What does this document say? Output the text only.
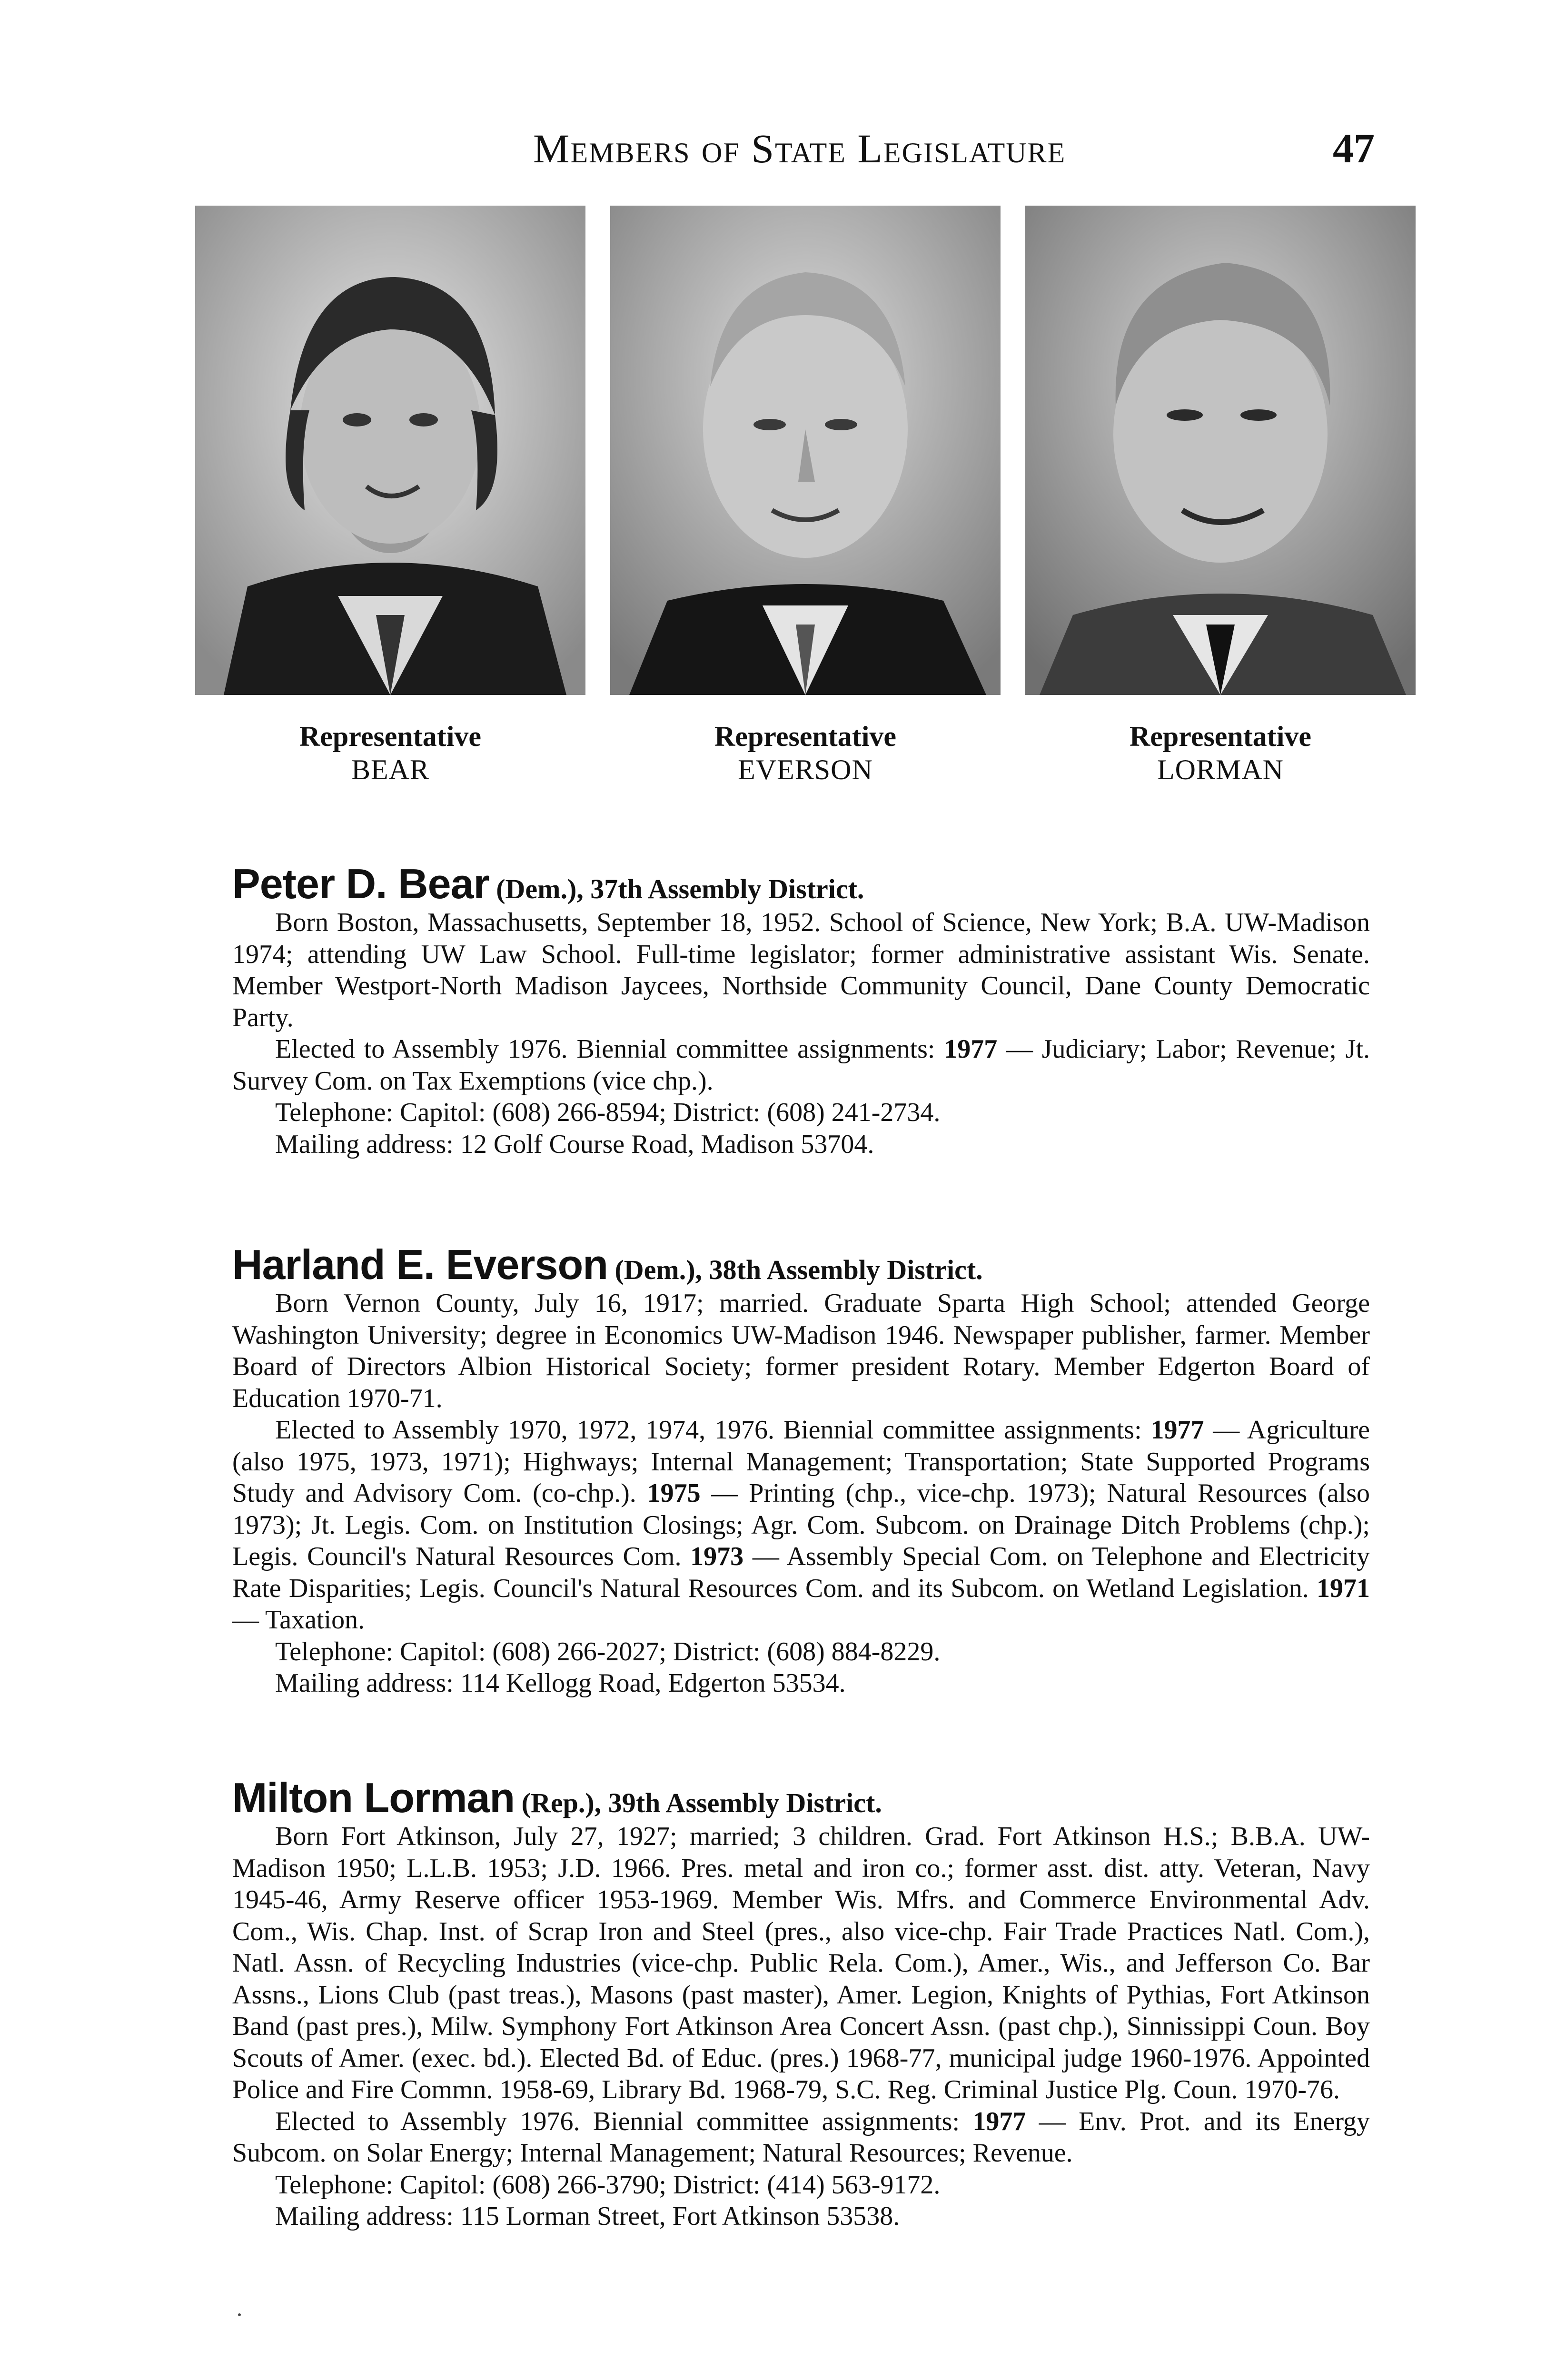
Members of State Legislature	47
Representative
BEAR
Representative
EVERSON
Representative
LORMAN
Peter D. Bear (Dem.), 37th Assembly District.

Born Boston, Massachusetts, September 18, 1952. School of Science, New York; B.A. UW-Madison 1974; attending UW Law School. Full-time legislator; former administrative assistant Wis. Senate. Member Westport-North Madison Jaycees, Northside Community Council, Dane County Democratic Party.

Elected to Assembly 1976. Biennial committee assignments: 1977 — Judiciary; Labor; Revenue; Jt. Survey Com. on Tax Exemptions (vice chp.).

Telephone: Capitol: (608) 266-8594; District: (608) 241-2734.

Mailing address: 12 Golf Course Road, Madison 53704.

Harland E. Everson (Dem.), 38th Assembly District.

Born Vernon County, July 16, 1917; married. Graduate Sparta High School; attended George Washington University; degree in Economics UW-Madison 1946. Newspaper publisher, farmer. Member Board of Directors Albion Historical Society; former president Rotary. Member Edgerton Board of Education 1970-71.

Elected to Assembly 1970, 1972, 1974, 1976. Biennial committee assignments: 1977 — Agriculture (also 1975, 1973, 1971); Highways; Internal Management; Transportation; State Supported Programs Study and Advisory Com. (co-chp.). 1975 — Printing (chp., vice-chp. 1973); Natural Resources (also 1973); Jt. Legis. Com. on Institution Closings; Agr. Com. Subcom. on Drainage Ditch Problems (chp.); Legis. Council's Natural Resources Com. 1973 — Assembly Special Com. on Telephone and Electricity Rate Disparities; Legis. Council's Natural Resources Com. and its Subcom. on Wetland Legislation. 1971 — Taxation.

Telephone: Capitol: (608) 266-2027; District: (608) 884-8229.

Mailing address: 114 Kellogg Road, Edgerton 53534.

Milton Lorman (Rep.), 39th Assembly District.

Born Fort Atkinson, July 27, 1927; married; 3 children. Grad. Fort Atkinson H.S.; B.B.A. UW-Madison 1950; L.L.B. 1953; J.D. 1966. Pres. metal and iron co.; former asst. dist. atty. Veteran, Navy 1945-46, Army Reserve officer 1953-1969. Member Wis. Mfrs. and Commerce Environmental Adv. Com., Wis. Chap. Inst. of Scrap Iron and Steel (pres., also vice-chp. Fair Trade Practices Natl. Com.), Natl. Assn. of Recycling Industries (vice-chp. Public Rela. Com.), Amer., Wis., and Jefferson Co. Bar Assns., Lions Club (past treas.), Masons (past master), Amer. Legion, Knights of Pythias, Fort Atkinson Band (past pres.), Milw. Symphony Fort Atkinson Area Concert Assn. (past chp.), Sinnissippi Coun. Boy Scouts of Amer. (exec. bd.). Elected Bd. of Educ. (pres.) 1968-77, municipal judge 1960-1976. Appointed Police and Fire Commn. 1958-69, Library Bd. 1968-79, S.C. Reg. Criminal Justice Plg. Coun. 1970-76.

Elected to Assembly 1976. Biennial committee assignments: 1977 — Env. Prot. and its Energy Subcom. on Solar Energy; Internal Management; Natural Resources; Revenue.

Telephone: Capitol: (608) 266-3790; District: (414) 563-9172.

Mailing address: 115 Lorman Street, Fort Atkinson 53538.
